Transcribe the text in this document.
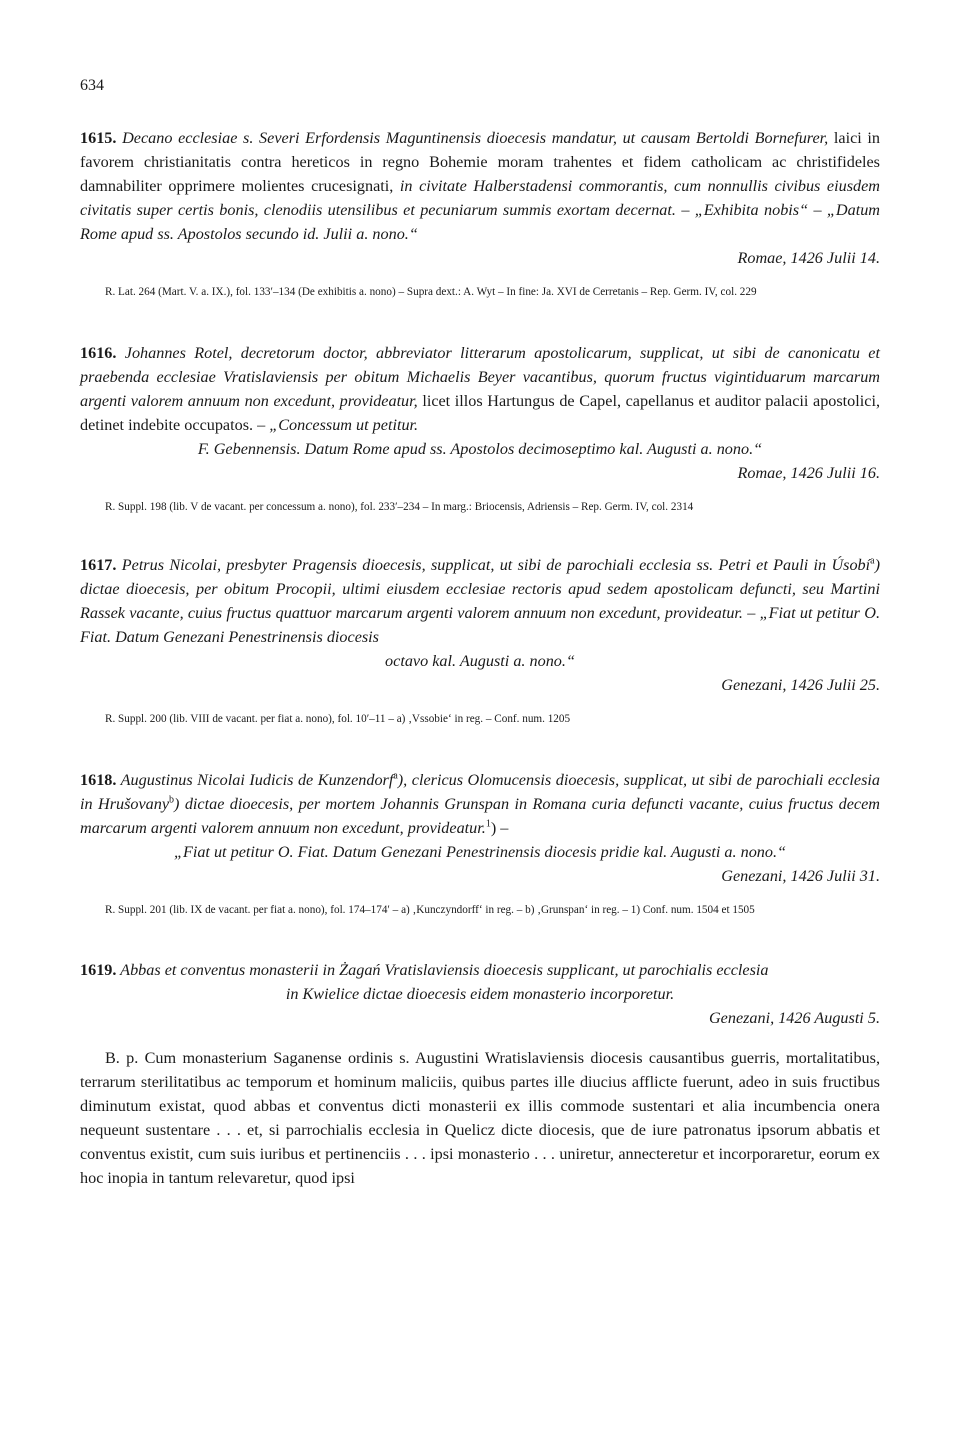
634

1615. Decano ecclesiae s. Severi Erfordensis Maguntinensis dioecesis mandatur, ut causam Bertoldi Bornefurer, laici in favorem christianitatis contra hereticos in regno Bohemie moram trahentes et fidem catholicam ac christifideles damnabiliter opprimere molientes crucesignati, in civitate Halberstadensi commorantis, cum nonnullis civibus eiusdem civitatis super certis bonis, clenodiis utensilibus et pecuniarum summis exortam decernat. – „Exhibita nobis“ – „Datum Rome apud ss. Apostolos secundo id. Julii a. nono.“

Romae, 1426 Julii 14.

R. Lat. 264 (Mart. V. a. IX.), fol. 133′–134 (De exhibitis a. nono) – Supra dext.: A. Wyt – In fine: Ja. XVI de Cerretanis – Rep. Germ. IV, col. 229

1616. Johannes Rotel, decretorum doctor, abbreviator litterarum apostolicarum, supplicat, ut sibi de canonicatu et praebenda ecclesiae Vratislaviensis per obitum Michaelis Beyer vacantibus, quorum fructus vigintiduarum marcarum argenti valorem annuum non excedunt, provideatur, licet illos Hartungus de Capel, capellanus et auditor palacii apostolici, detinet indebite occupatos. – „Concessum ut petitur.
F. Gebennensis. Datum Rome apud ss. Apostolos decimoseptimo kal. Augusti a. nono.“

Romae, 1426 Julii 16.

R. Suppl. 198 (lib. V de vacant. per concessum a. nono), fol. 233′–234 – In marg.: Briocensis, Adriensis – Rep. Germ. IV, col. 2314

1617. Petrus Nicolai, presbyter Pragensis dioecesis, supplicat, ut sibi de parochiali ecclesia ss. Petri et Pauli in Úsobí$^a$) dictae dioecesis, per obitum Procopii, ultimi eiusdem ecclesiae rectoris apud sedem apostolicam defuncti, seu Martini Rassek vacante, cuius fructus quattuor marcarum argenti valorem annuum non excedunt, provideatur. – „Fiat ut petitur O. Fiat. Datum Genezani Penestrinensis diocesis
octavo kal. Augusti a. nono.“

Genezani, 1426 Julii 25.

R. Suppl. 200 (lib. VIII de vacant. per fiat a. nono), fol. 10′–11 – a) ‚Vssobie‘ in reg. – Conf. num. 1205

1618. Augustinus Nicolai Iudicis de Kunzendorf$^a$), clericus Olomucensis dioecesis, supplicat, ut sibi de parochiali ecclesia in Hrušovany$^b$) dictae dioecesis, per mortem Johannis Grunspan in Romana curia defuncti vacante, cuius fructus decem marcarum argenti valorem annuum non excedunt, provideatur.$^1$) –
„Fiat ut petitur O. Fiat. Datum Genezani Penestrinensis diocesis pridie kal. Augusti a. nono.“

Genezani, 1426 Julii 31.

R. Suppl. 201 (lib. IX de vacant. per fiat a. nono), fol. 174–174′ – a) ‚Kunczyndorff‘ in reg. – b) ‚Grunspan‘ in reg. – 1) Conf. num. 1504 et 1505

1619. Abbas et conventus monasterii in Żagań Vratislaviensis dioecesis supplicant, ut parochialis ecclesia
in Kwielice dictae dioecesis eidem monasterio incorporetur.

Genezani, 1426 Augusti 5.

B. p. Cum monasterium Saganense ordinis s. Augustini Wratislaviensis diocesis causantibus guerris, mortalitatibus, terrarum sterilitatibus ac temporum et hominum maliciis, quibus partes ille diucius afflicte fuerunt, adeo in suis fructibus diminutum existat, quod abbas et conventus dicti monasterii ex illis commode sustentari et alia incumbencia onera nequeunt sustentare . . . et, si parrochialis ecclesia in Quelicz dicte diocesis, que de iure patronatus ipsorum abbatis et conventus existit, cum suis iuribus et pertinenciis . . . ipsi monasterio . . . uniretur, annecteretur et incorporaretur, eorum ex hoc inopia in tantum relevaretur, quod ipsi
